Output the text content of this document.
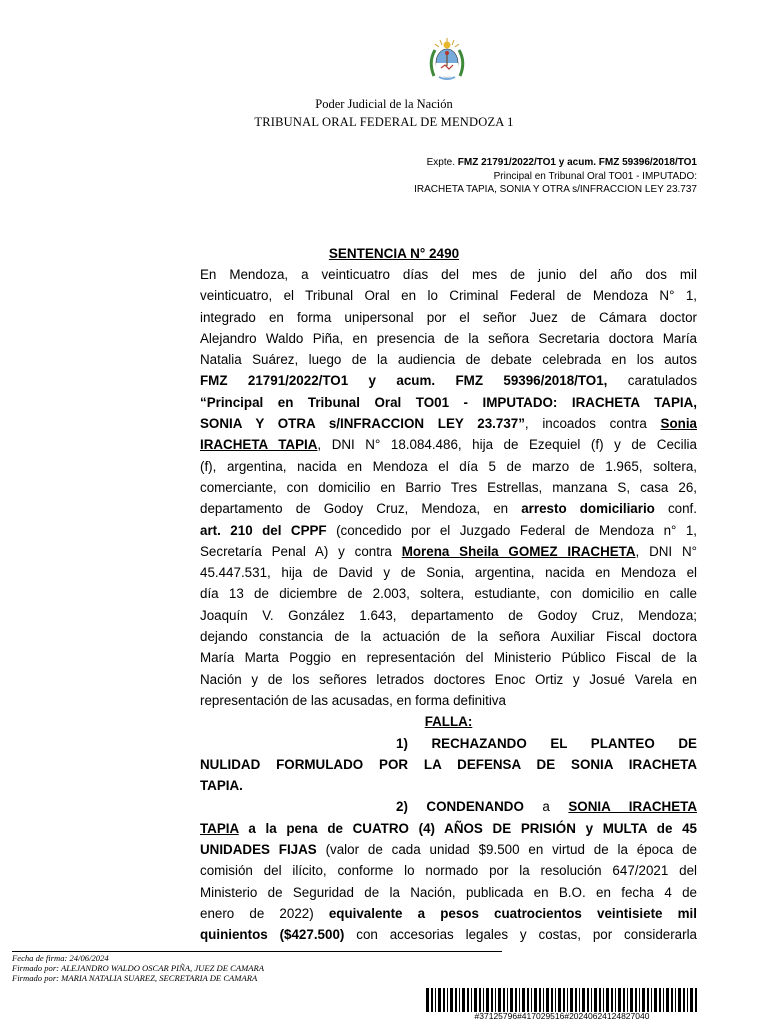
Poder Judicial de la Nación
TRIBUNAL ORAL FEDERAL DE MENDOZA 1
Expte. FMZ 21791/2022/TO1 y acum. FMZ 59396/2018/TO1
Principal en Tribunal Oral TO01 - IMPUTADO:
IRACHETA TAPIA, SONIA Y OTRA s/INFRACCION LEY 23.737
SENTENCIA N° 2490
En Mendoza, a veinticuatro días del mes de junio del año dos mil
veinticuatro, el Tribunal Oral en lo Criminal Federal de Mendoza N° 1,
integrado en forma unipersonal por el señor Juez de Cámara doctor
Alejandro Waldo Piña, en presencia de la señora Secretaria doctora María
Natalia Suárez, luego de la audiencia de debate celebrada en los autos
FMZ 21791/2022/TO1 y acum. FMZ 59396/2018/TO1, caratulados
“Principal en Tribunal Oral TO01 - IMPUTADO: IRACHETA TAPIA,
SONIA Y OTRA s/INFRACCION LEY 23.737”, incoados contra Sonia
IRACHETA TAPIA, DNI N° 18.084.486, hija de Ezequiel (f) y de Cecilia
(f), argentina, nacida en Mendoza el día 5 de marzo de 1.965, soltera,
comerciante, con domicilio en Barrio Tres Estrellas, manzana S, casa 26,
departamento de Godoy Cruz, Mendoza, en arresto domiciliario conf.
art. 210 del CPPF (concedido por el Juzgado Federal de Mendoza n° 1,
Secretaría Penal A) y contra Morena Sheila GOMEZ IRACHETA, DNI N°
45.447.531, hija de David y de Sonia, argentina, nacida en Mendoza el
día 13 de diciembre de 2.003, soltera, estudiante, con domicilio en calle
Joaquín V. González 1.643, departamento de Godoy Cruz, Mendoza;
dejando constancia de la actuación de la señora Auxiliar Fiscal doctora
María Marta Poggio en representación del Ministerio Público Fiscal de la
Nación y de los señores letrados doctores Enoc Ortiz y Josué Varela en
representación de las acusadas, en forma definitiva
FALLA:
1) RECHAZANDO EL PLANTEO DE
NULIDAD FORMULADO POR LA DEFENSA DE SONIA IRACHETA
TAPIA.
2) CONDENANDO a SONIA IRACHETA
TAPIA a la pena de CUATRO (4) AÑOS DE PRISIÓN y MULTA de 45
UNIDADES FIJAS (valor de cada unidad $9.500 en virtud de la época de
comisión del ilícito, conforme lo normado por la resolución 647/2021 del
Ministerio de Seguridad de la Nación, publicada en B.O. en fecha 4 de
enero de 2022) equivalente a pesos cuatrocientos veintisiete mil
quinientos ($427.500) con accesorias legales y costas, por considerarla
Fecha de firma: 24/06/2024
Firmado por: ALEJANDRO WALDO OSCAR PIÑA, JUEZ DE CAMARA
Firmado por: MARIA NATALIA SUAREZ, SECRETARIA DE CAMARA
#37125796#417029516#20240624124827040
